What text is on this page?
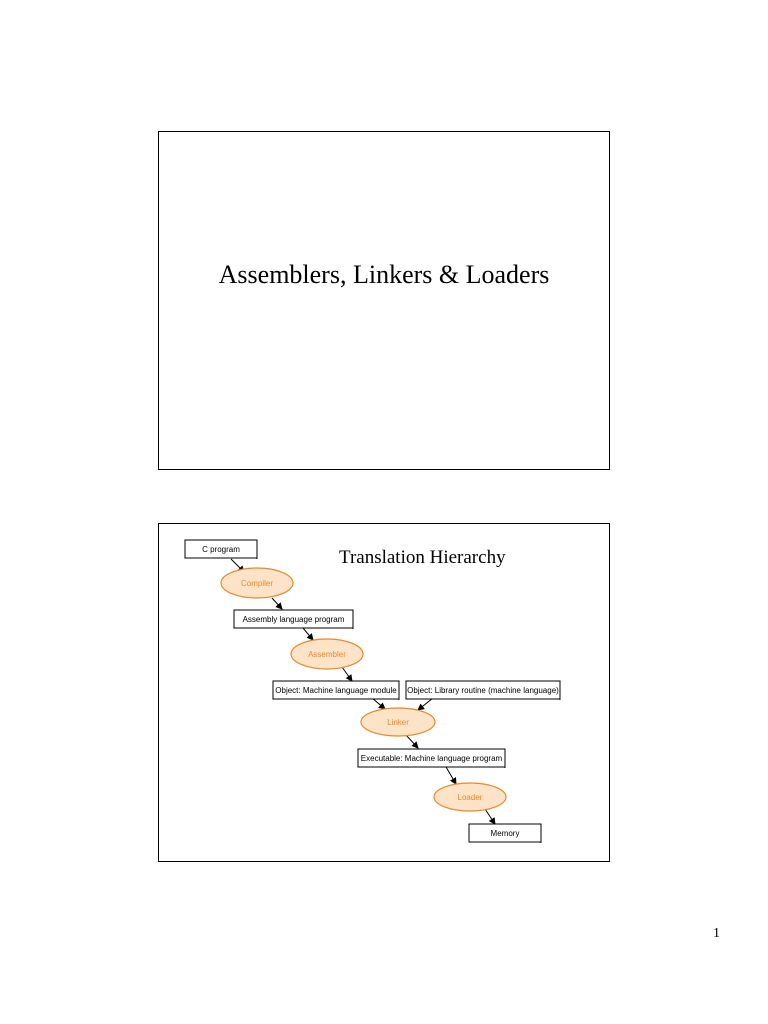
Assemblers, Linkers & Loaders
C program
Assembly language program
Object: Machine language module Object: Library routine (machine language)
Executable: Machine language program
Memory
Compiler
Assembler
Linker
Loader
Translation Hierarchy
1
